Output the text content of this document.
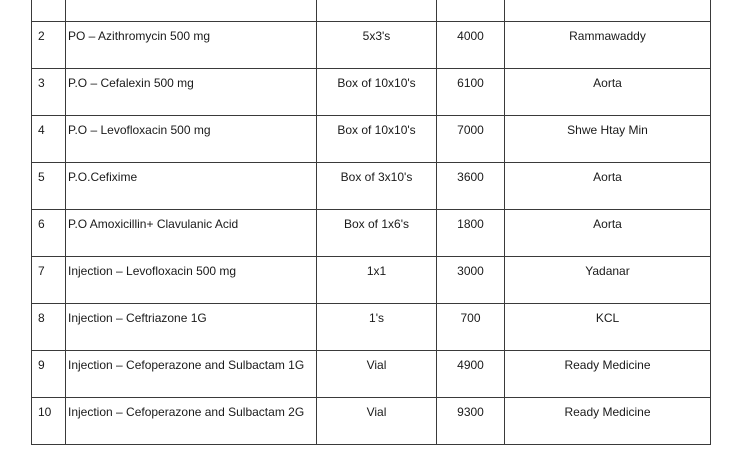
2	PO – Azithromycin 500 mg	5x3's	4000	Rammawaddy
3	P.O – Cefalexin 500 mg	Box of 10x10's	6100	Aorta
4	P.O – Levofloxacin 500 mg	Box of 10x10's	7000	Shwe Htay Min
5	P.O.Cefixime	Box of 3x10's	3600	Aorta
6	P.O Amoxicillin+ Clavulanic Acid	Box of 1x6's	1800	Aorta
7	Injection – Levofloxacin 500 mg	1x1	3000	Yadanar
8	Injection – Ceftriazone 1G	1's	700	KCL
9	Injection – Cefoperazone and Sulbactam 1G	Vial	4900	Ready Medicine
10	Injection – Cefoperazone and Sulbactam 2G	Vial	9300	Ready Medicine
